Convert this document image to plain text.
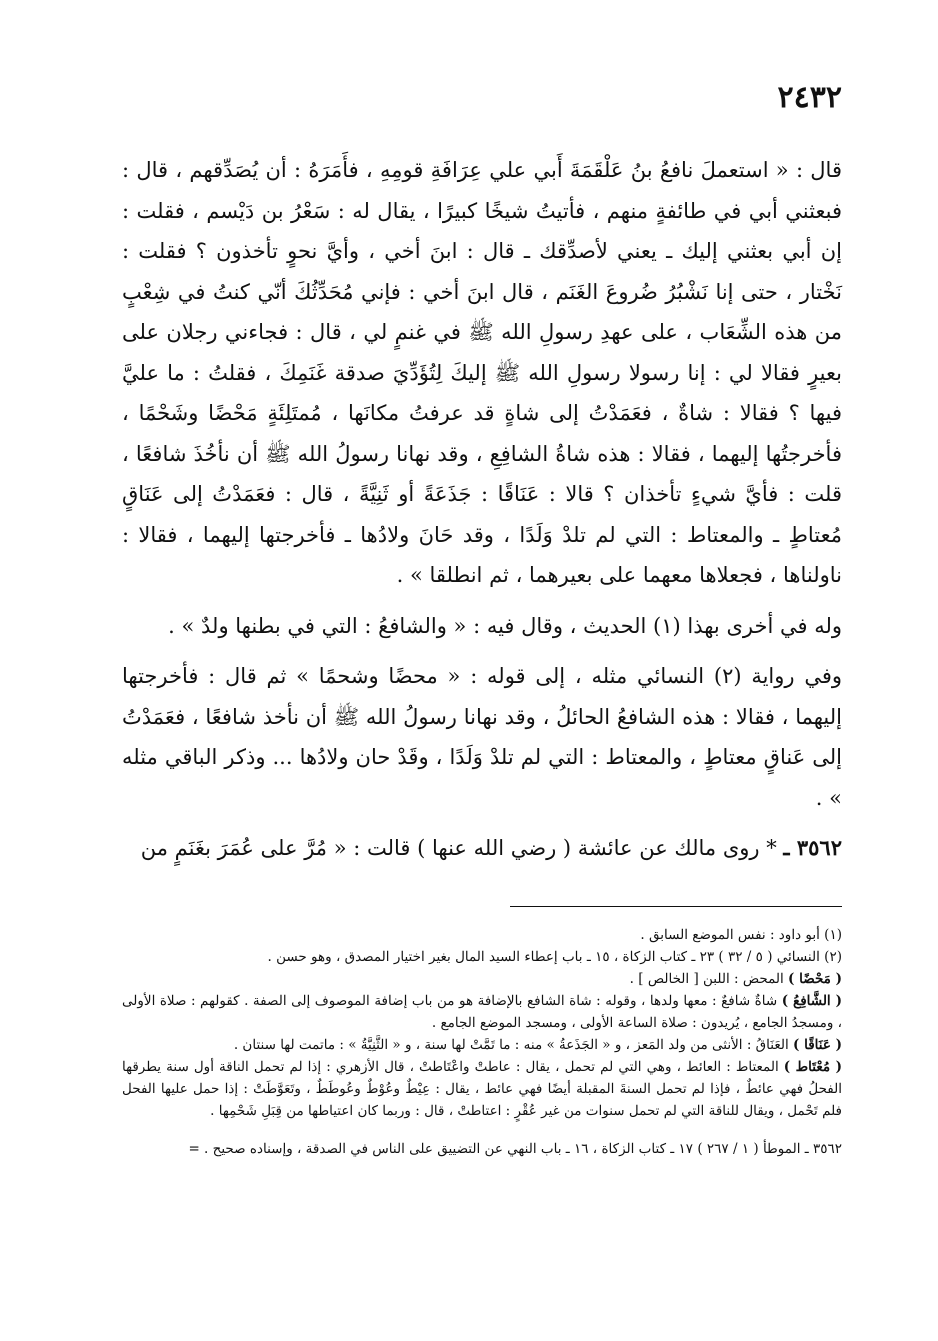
٢٤٣٢

قال : « استعملَ نافعُ بنُ عَلْقَمَةَ أَبي علي عِرَافَةِ قومِهِ ، فأَمَرَهُ : أن يُصَدِّقهم ، قال : فبعثني أبي في طائفةٍ منهم ، فأتيتُ شيخًا كبيرًا ، يقال له : سَعْرُ بن دَيْسم ، فقلت : إن أبي بعثني إليك ـ يعني لأصدِّقك ـ قال : ابنَ أخي ، وأيَّ نحوٍ تأخذون ؟ فقلت : نَخْتار ، حتى إنا نَشْبُرُ ضُروعَ الغَنَم ، قال ابنَ أخي : فإني مُحَدِّثُكَ أنّي كنتُ في شِعْبٍ من هذه الشِّعَاب ، على عهدِ رسولِ الله ﷺ في غنمٍ لي ، قال : فجاءني رجلان على بعيرٍ فقالا لي : إنا رسولا رسولِ الله ﷺ إليكَ لِتُؤَدِّيَ صدقة غَنَمِكَ ، فقلتُ : ما عليَّ فيها ؟ فقالا : شاةٌ ، فعَمَدْتُ إلى شاةٍ قد عرفتُ مكانَها ، مُمتَلِئَةٍ مَحْضًا وشَحْمًا ، فأخرجتُها إليهما ، فقالا : هذه شاةُ الشافِعِ ، وقد نهانا رسولُ الله ﷺ أن نأخُذَ شافعًا ، قلت : فأيَّ شيءٍ تأخذان ؟ قالا : عَنَاقًا : جَذَعَةً أو ثَنِيَّةً ، قال : فعَمَدْتُ إلى عَنَاقٍ مُعتاطٍ ـ والمعتاط : التي لم تلدْ وَلَدًا ، وقد حَانَ ولادُها ـ فأخرجتها إليهما ، فقالا : ناولناها ، فجعلاها معهما على بعيرهما ، ثم انطلقا » .

وله في أخرى بهذا (١) الحديث ، وقال فيه : « والشافعُ : التي في بطنها ولدٌ » .

وفي رواية (٢) النسائي مثله ، إلى قوله : « محضًا وشحمًا » ثم قال : فأخرجتها إليهما ، فقالا : هذه الشافعُ الحائلُ ، وقد نهانا رسولُ الله ﷺ أن نأخذ شافعًا ، فعَمَدْتُ إلى عَناقٍ معتاطٍ ، والمعتاط : التي لم تلدْ وَلَدًا ، وقَدْ حان ولادُها ... وذكر الباقي مثله » .

٣٥٦٢ ـ * روى مالك عن عائشة ( رضي الله عنها ) قالت : « مُرَّ على عُمَرَ بغَنَمٍ من

(١) أبو داود : نفس الموضع السابق .

(٢) النسائي ( ٥ / ٣٢ ) ٢٣ ـ كتاب الزكاة ، ١٥ ـ باب إعطاء السيد المال بغير اختيار المصدق ، وهو حسن .

( مَحْضًا ) المحض : اللبن [ الخالص ] .

( الشَّافِعُ ) شاةٌ شافعٌ : معها ولدها ، وقوله : شاة الشافع بالإضافة هو من باب إضافة الموصوف إلى الصفة . كقولهم : صلاة الأولى ، ومسجدُ الجامع ، يُريدون : صلاة الساعة الأولى ، ومسجد الموضع الجامع .

( عَنَاقًا ) العَنَاقُ : الأنثى من ولد المَعز ، و « الجَذَعةُ » منه : ما تَمَّتْ لها سنة ، و « الثَّنِيَّةُ » : ماتمت لها سنتان .

( مُعْتَاط ) المعتاط : العائط ، وهي التي لم تحمل ، يقال : عاطتْ واعْتَاطتْ ، قال الأزهري : إذا لم تحمل الناقة أول سنة يطرقها الفحلُ فهي عائطٌ ، فإذا لم تحمل السنةَ المقبلة أيضًا فهي عائط ، يقال : عِيْطٌ وعُوْطٌ وعُوطَطٌ ، وتَعَوَّطَتْ : إذا حمل عليها الفحل فلم تَحْمل ، ويقال للناقة التي لم تحمل سنوات من غير عُقْرٍ : اعتاطتْ ، قال : وربما كان اعتياطها من قِبَلِ شَحْمِها .

٣٥٦٢ ـ الموطأ ( ١ / ٢٦٧ ) ١٧ ـ كتاب الزكاة ، ١٦ ـ باب النهي عن التضييق على الناس في الصدقة ، وإسناده صحيح . =
